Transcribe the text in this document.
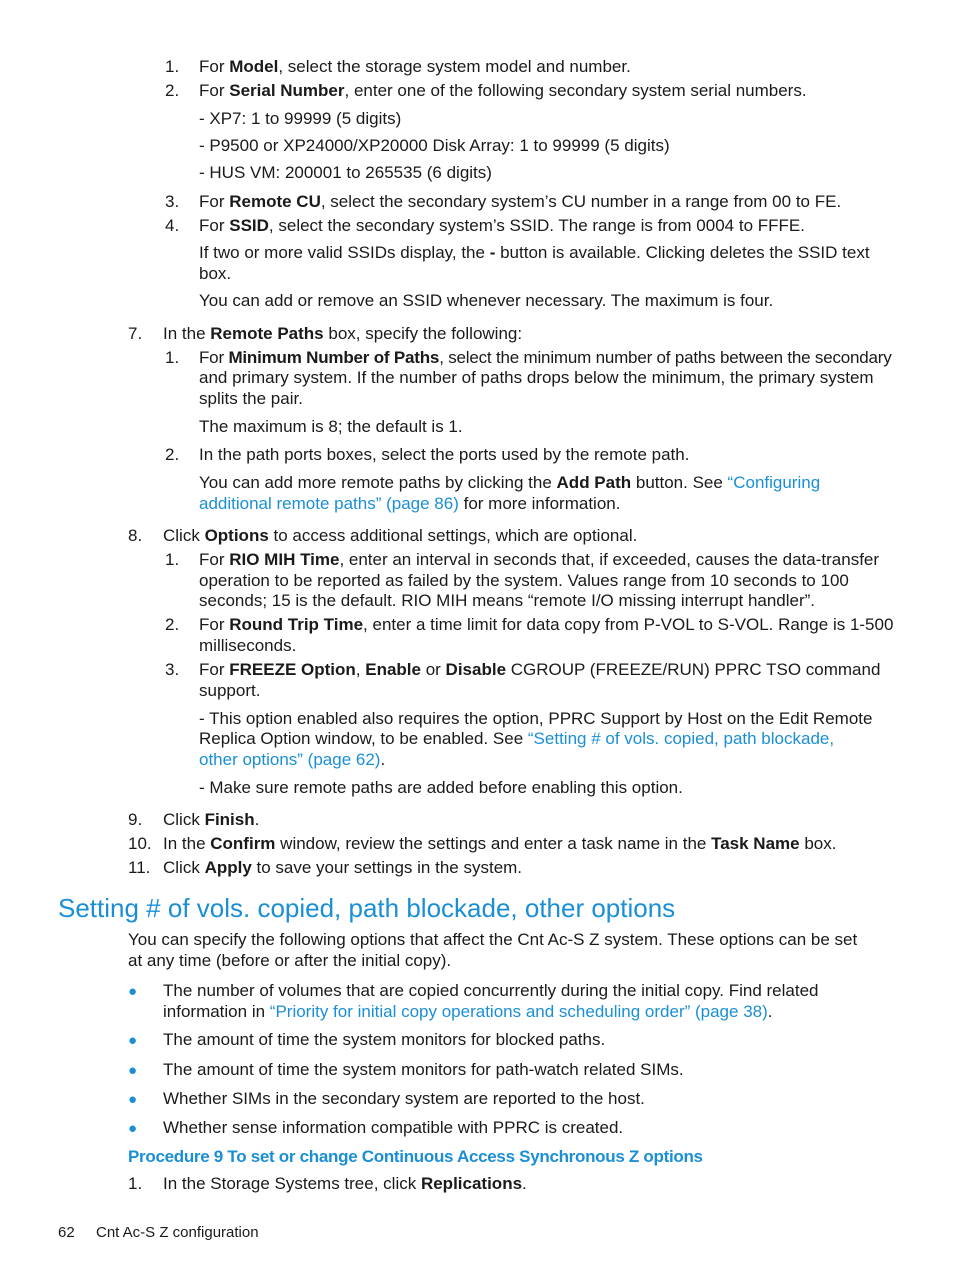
1. For Model, select the storage system model and number.
2. For Serial Number, enter one of the following secondary system serial numbers.
- XP7: 1 to 99999 (5 digits)
- P9500 or XP24000/XP20000 Disk Array: 1 to 99999 (5 digits)
- HUS VM: 200001 to 265535 (6 digits)
3. For Remote CU, select the secondary system’s CU number in a range from 00 to FE.
4. For SSID, select the secondary system’s SSID. The range is from 0004 to FFFE.
If two or more valid SSIDs display, the - button is available. Clicking deletes the SSID text
box.
You can add or remove an SSID whenever necessary. The maximum is four.
7. In the Remote Paths box, specify the following:
1. For Minimum Number of Paths, select the minimum number of paths between the secondary
and primary system. If the number of paths drops below the minimum, the primary system
splits the pair.
The maximum is 8; the default is 1.
2. In the path ports boxes, select the ports used by the remote path.
You can add more remote paths by clicking the Add Path button. See “Configuring
additional remote paths” (page 86) for more information.
8. Click Options to access additional settings, which are optional.
1. For RIO MIH Time, enter an interval in seconds that, if exceeded, causes the data-transfer
operation to be reported as failed by the system. Values range from 10 seconds to 100
seconds; 15 is the default. RIO MIH means “remote I/O missing interrupt handler”.
2. For Round Trip Time, enter a time limit for data copy from P-VOL to S-VOL. Range is 1-500
milliseconds.
3. For FREEZE Option, Enable or Disable CGROUP (FREEZE/RUN) PPRC TSO command
support.
- This option enabled also requires the option, PPRC Support by Host on the Edit Remote
Replica Option window, to be enabled. See “Setting # of vols. copied, path blockade,
other options” (page 62).
- Make sure remote paths are added before enabling this option.
9. Click Finish.
10. In the Confirm window, review the settings and enter a task name in the Task Name box.
11. Click Apply to save your settings in the system.
Setting # of vols. copied, path blockade, other options
You can specify the following options that affect the Cnt Ac-S Z system. These options can be set
at any time (before or after the initial copy).
● The number of volumes that are copied concurrently during the initial copy. Find related
information in “Priority for initial copy operations and scheduling order” (page 38).
● The amount of time the system monitors for blocked paths.
● The amount of time the system monitors for path-watch related SIMs.
● Whether SIMs in the secondary system are reported to the host.
● Whether sense information compatible with PPRC is created.
Procedure 9 To set or change Continuous Access Synchronous Z options
1. In the Storage Systems tree, click Replications.
62 Cnt Ac-S Z configuration
